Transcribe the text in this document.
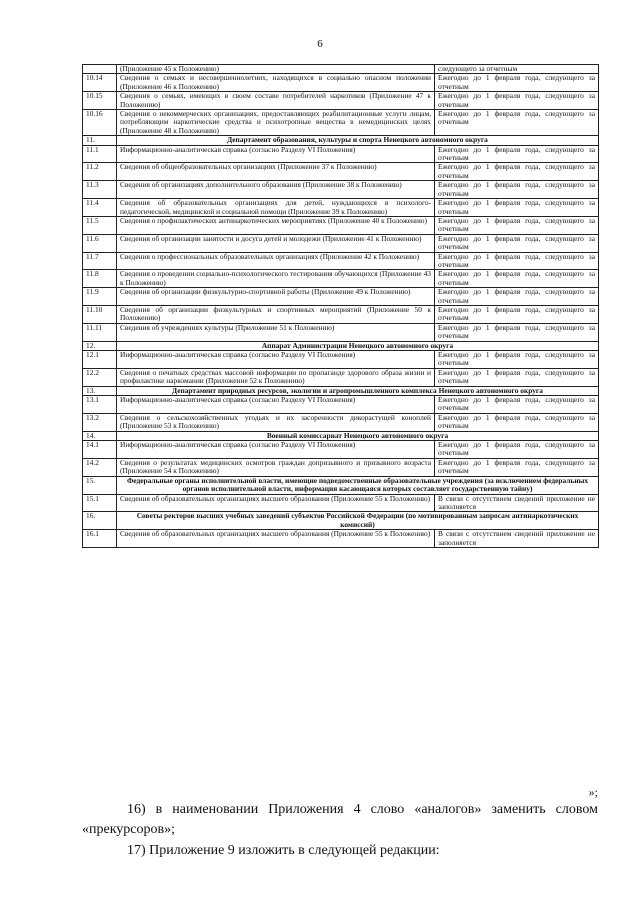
6
	(Приложение 45 к Положению)	следующего за отчетным
10.14	Сведения о семьях и несовершеннолетних, находящихся в социально опасном положении (Приложение 46 к Положению)	Ежегодно до 1 февраля года, следующего за отчетным
10.15	Сведения о семьях, имеющих в своем составе потребителей наркотиков (Приложение 47 к Положению)	Ежегодно до 1 февраля года, следующего за отчетным
10.16	Сведения о некоммерческих организациях, предоставляющих реабилитационные услуги лицам, потребляющим наркотические средства и психотропные вещества в немедицинских целях (Приложение 48 к Положению)	Ежегодно до 1 февраля года, следующего за отчетным
11.	Департамент образования, культуры и спорта Ненецкого автономного округа	
11.1	Информационно-аналитическая справка (согласно Разделу VI Положения)	Ежегодно до 1 февраля года, следующего за отчетным
11.2	Сведения об общеобразовательных организациях (Приложение 37 к Положению)	Ежегодно до 1 февраля года, следующего за отчетным
11.3	Сведения об организациях дополнительного образования (Приложение 38 к Положению)	Ежегодно до 1 февраля года, следующего за отчетным
11.4	Сведения об образовательных организациях для детей, нуждающихся в психолого-педагогической, медицинской и социальной помощи (Приложение 39 к Положению)	Ежегодно до 1 февраля года, следующего за отчетным
11.5	Сведения о профилактических антинаркотических мероприятиях (Приложение 40 к Положению)	Ежегодно до 1 февраля года, следующего за отчетным
11.6	Сведения об организации занятости и досуга детей и молодежи (Приложение 41 к Положению)	Ежегодно до 1 февраля года, следующего за отчетным
11.7	Сведения о профессиональных образовательных организациях (Приложение 42 к Положению)	Ежегодно до 1 февраля года, следующего за отчетным
11.8	Сведения о проведении социально-психологического тестирования обучающихся (Приложение 43 к Положению)	Ежегодно до 1 февраля года, следующего за отчетным
11.9	Сведения об организации физкультурно-спортивной работы (Приложение 49 к Положению)	Ежегодно до 1 февраля года, следующего за отчетным
11.10	Сведения об организации физкультурных и спортивных мероприятий (Приложение 50 к Положению)	Ежегодно до 1 февраля года, следующего за отчетным
11.11	Сведения об учреждениях культуры (Приложение 51 к Положению)	Ежегодно до 1 февраля года, следующего за отчетным
12.	Аппарат Администрации Ненецкого автономного округа	
12.1	Информационно-аналитическая справка (согласно Разделу VI Положения)	Ежегодно до 1 февраля года, следующего за отчетным
12.2	Сведения о печатных средствах массовой информации по пропаганде здорового образа жизни и профилактике наркомании (Приложение 52 к Положению)	Ежегодно до 1 февраля года, следующего за отчетным
13.	Департамент природных ресурсов, экологии и агропромышленного комплекса Ненецкого автономного округа	
13.1	Информационно-аналитическая справка (согласно Разделу VI Положения)	Ежегодно до 1 февраля года, следующего за отчетным
13.2	Сведения о сельскохозяйственных угодьях и их засоренности дикорастущей коноплей (Приложение 53 к Положению)	Ежегодно до 1 февраля года, следующего за отчетным
14.	Военный комиссариат Ненецкого автономного округа	
14.1	Информационно-аналитическая справка (согласно Разделу VI Положения)	Ежегодно до 1 февраля года, следующего за отчетным
14.2	Сведения о результатах медицинских осмотров граждан допризывного и призывного возраста (Приложение 54 к Положению)	Ежегодно до 1 февраля года, следующего за отчетным
15.	Федеральные органы исполнительной власти, имеющие подведомственные образовательные учреждения (за исключением федеральных органов исполнительной власти, информация касающаяся которых составляет государственную тайну)	
15.1	Сведения об образовательных организациях высшего образования (Приложение 55 к Положению)	В связи с отсутствием сведений приложение не заполняется
16.	Советы ректоров высших учебных заведений субъектов Российской Федерации (по мотивированным запросам антинаркотических комиссий)	
16.1	Сведения об образовательных организациях высшего образования (Приложение 55 к Положению)	В связи с отсутствием сведений приложение не заполняется
»;
16) в наименовании Приложения 4 слово «аналогов» заменить словом «прекурсоров»;
17) Приложение 9 изложить в следующей редакции:
